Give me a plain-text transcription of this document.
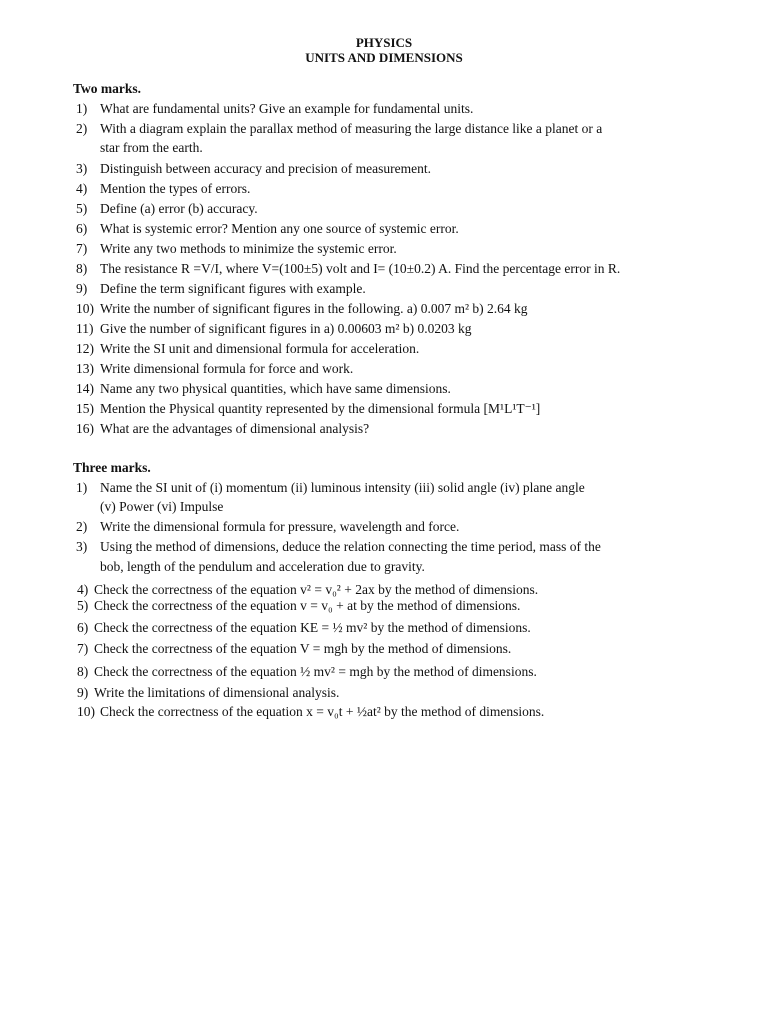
PHYSICS
UNITS AND DIMENSIONS
Two marks.
1) What are fundamental units? Give an example for fundamental units.
2) With a diagram explain the parallax method of measuring the large distance like a planet or a
star from the earth.
3) Distinguish between accuracy and precision of measurement.
4) Mention the types of errors.
5) Define (a) error (b) accuracy.
6) What is systemic error? Mention any one source of systemic error.
7) Write any two methods to minimize the systemic error.
8) The resistance R =V/I, where V=(100±5) volt and I= (10±0.2) A. Find the percentage error in R.
9) Define the term significant figures with example.
10) Write the number of significant figures in the following. a) 0.007 m² b) 2.64 kg
11) Give the number of significant figures in a) 0.00603 m² b) 0.0203 kg
12) Write the SI unit and dimensional formula for acceleration.
13) Write dimensional formula for force and work.
14) Name any two physical quantities, which have same dimensions.
15) Mention the Physical quantity represented by the dimensional formula [M¹L¹T⁻¹]
16) What are the advantages of dimensional analysis?
Three marks.
1) Name the SI unit of (i) momentum (ii) luminous intensity (iii) solid angle (iv) plane angle
(v) Power (vi) Impulse
2) Write the dimensional formula for pressure, wavelength and force.
3) Using the method of dimensions, deduce the relation connecting the time period, mass of the
bob, length of the pendulum and acceleration due to gravity.
4) Check the correctness of the equation v² = v₀² + 2ax by the method of dimensions.
5) Check the correctness of the equation v = v₀ + at by the method of dimensions.
6) Check the correctness of the equation KE = ½ mv² by the method of dimensions.
7) Check the correctness of the equation V = mgh by the method of dimensions.
8) Check the correctness of the equation ½ mv² = mgh by the method of dimensions.
9) Write the limitations of dimensional analysis.
10) Check the correctness of the equation x = v₀t + ½at² by the method of dimensions.
